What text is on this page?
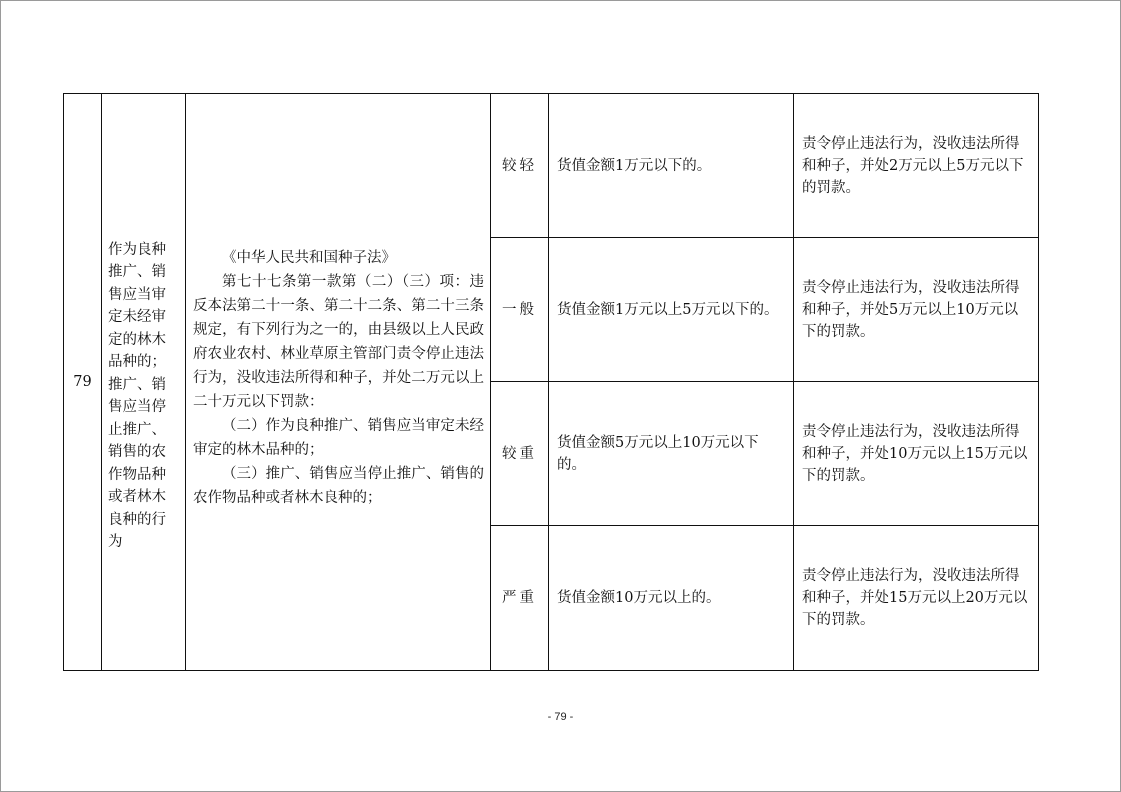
79	作为良种推广、销售应当审定未经审定的林木品种的；推广、销售应当停止推广、销售的农作物品种或者林木良种的行为	《中华人民共和国种子法》
第七十七条第一款第（二）（三）项：违反本法第二十一条、第二十二条、第二十三条规定，有下列行为之一的，由县级以上人民政府农业农村、林业草原主管部门责令停止违法行为，没收违法所得和种子，并处二万元以上二十万元以下罚款：
（二）作为良种推广、销售应当审定未经审定的林木品种的；
（三）推广、销售应当停止推广、销售的农作物品种或者林木良种的；	较轻	货值金额1万元以下的。	责令停止违法行为，没收违法所得和种子，并处2万元以上5万元以下的罚款。
			一般	货值金额1万元以上5万元以下的。	责令停止违法行为，没收违法所得和种子，并处5万元以上10万元以下的罚款。
			较重	货值金额5万元以上10万元以下的。	责令停止违法行为，没收违法所得和种子，并处10万元以上15万元以下的罚款。
			严重	货值金额10万元以上的。	责令停止违法行为，没收违法所得和种子，并处15万元以上20万元以下的罚款。
- 79 -
